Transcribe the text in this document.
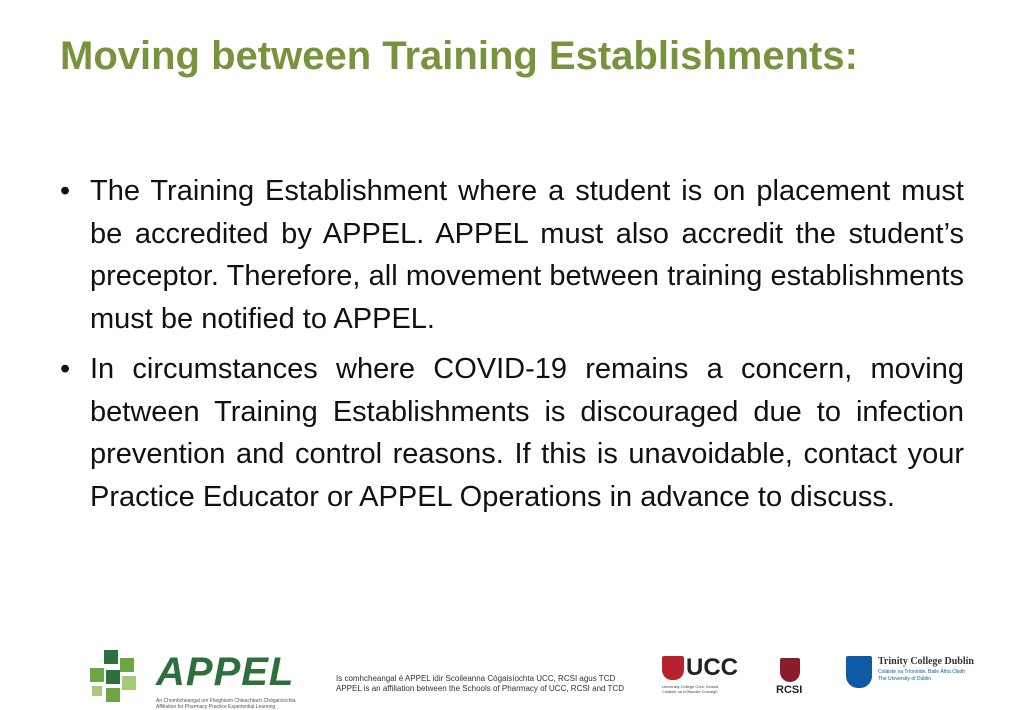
Moving between Training Establishments:
• The Training Establishment where a student is on placement must be accredited by APPEL. APPEL must also accredit the student’s preceptor. Therefore, all movement between training establishments must be notified to APPEL.
• In circumstances where COVID-19 remains a concern, moving between Training Establishments is discouraged due to infection prevention and control reasons. If this is unavoidable, contact your Practice Educator or APPEL Operations in advance to discuss.
APPEL
An Chomhcheangal um Fhoghlaim Chleachtach Chógaisíochta
Affiliation for Pharmacy Practice Experiential Learning
Is comhcheangal é APPEL idir Scoileanna Cógaisíochta UCC, RCSI agus TCD
APPEL is an affiliation between the Schools of Pharmacy of UCC, RCSI and TCD
UCC
University College Cork, Ireland
Coláiste na hOllscoile Corcaigh	RCSI
Trinity College Dublin
Coláiste na Tríonóide, Baile Átha Cliath
The University of Dublin
